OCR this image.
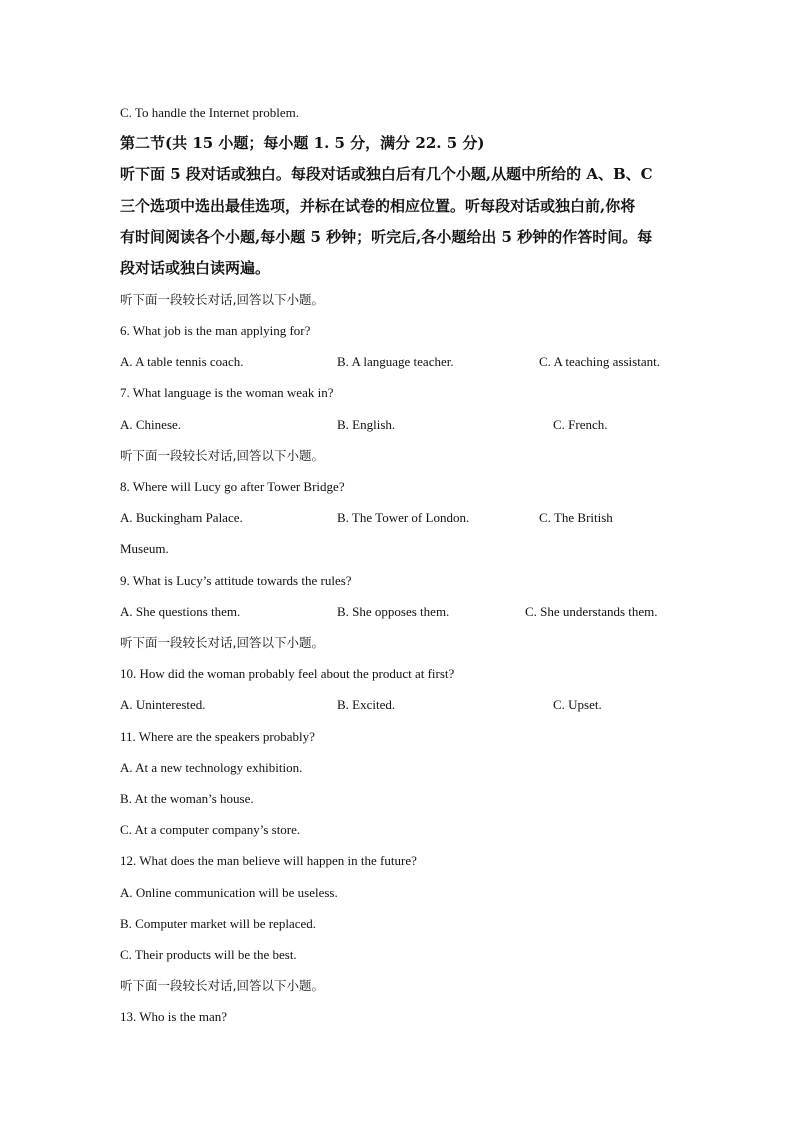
C. To handle the Internet problem.
第二节(共 15 小题；每小题 1. 5 分，满分 22. 5 分)
听下面 5 段对话或独白。每段对话或独白后有几个小题,从题中所给的 A、B、C
三个选项中选出最佳选项，并标在试卷的相应位置。听每段对话或独白前,你将
有时间阅读各个小题,每小题 5 秒钟；听完后,各小题给出 5 秒钟的作答时间。每
段对话或独白读两遍。
听下面一段较长对话,回答以下小题。
6. What job is the man applying for?
A. A table tennis coach.	B. A language teacher.	C. A teaching assistant.
7. What language is the woman weak in?
A. Chinese.	B. English.	C. French.
听下面一段较长对话,回答以下小题。
8. Where will Lucy go after Tower Bridge?
A. Buckingham Palace.	B. The Tower of London.	C. The British
Museum.
9. What is Lucy’s attitude towards the rules?
A. She questions them.	B. She opposes them.	C. She understands them.
听下面一段较长对话,回答以下小题。
10. How did the woman probably feel about the product at first?
A. Uninterested.	B. Excited.	C. Upset.
11. Where are the speakers probably?
A. At a new technology exhibition.
B. At the woman’s house.
C. At a computer company’s store.
12. What does the man believe will happen in the future?
A. Online communication will be useless.
B. Computer market will be replaced.
C. Their products will be the best.
听下面一段较长对话,回答以下小题。
13. Who is the man?
